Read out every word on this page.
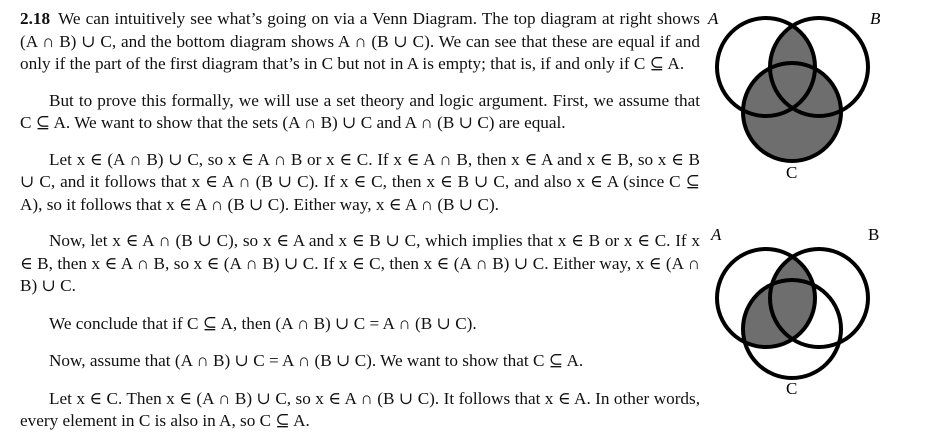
2.18 We can intuitively see what’s going on via a Venn Diagram. The top diagram at right shows (A ∩ B) ∪ C, and the bottom diagram shows A ∩ (B ∪ C). We can see that these are equal if and only if the part of the first diagram that’s in C but not in A is empty; that is, if and only if C ⊆ A.

But to prove this formally, we will use a set theory and logic argument. First, we assume that C ⊆ A. We want to show that the sets (A ∩ B) ∪ C and A ∩ (B ∪ C) are equal.

Let x ∈ (A ∩ B) ∪ C, so x ∈ A ∩ B or x ∈ C. If x ∈ A ∩ B, then x ∈ A and x ∈ B, so x ∈ B ∪ C, and it follows that x ∈ A ∩ (B ∪ C). If x ∈ C, then x ∈ B ∪ C, and also x ∈ A (since C ⊆ A), so it follows that x ∈ A ∩ (B ∪ C). Either way, x ∈ A ∩ (B ∪ C).

Now, let x ∈ A ∩ (B ∪ C), so x ∈ A and x ∈ B ∪ C, which implies that x ∈ B or x ∈ C. If x ∈ B, then x ∈ A ∩ B, so x ∈ (A ∩ B) ∪ C. If x ∈ C, then x ∈ (A ∩ B) ∪ C. Either way, x ∈ (A ∩ B) ∪ C.

We conclude that if C ⊆ A, then (A ∩ B) ∪ C = A ∩ (B ∪ C).

Now, assume that (A ∩ B) ∪ C = A ∩ (B ∪ C). We want to show that C ⊆ A.

Let x ∈ C. Then x ∈ (A ∩ B) ∪ C, so x ∈ A ∩ (B ∪ C). It follows that x ∈ A. In other words, every element in C is also in A, so C ⊆ A.

A	B
C
A	B
C
